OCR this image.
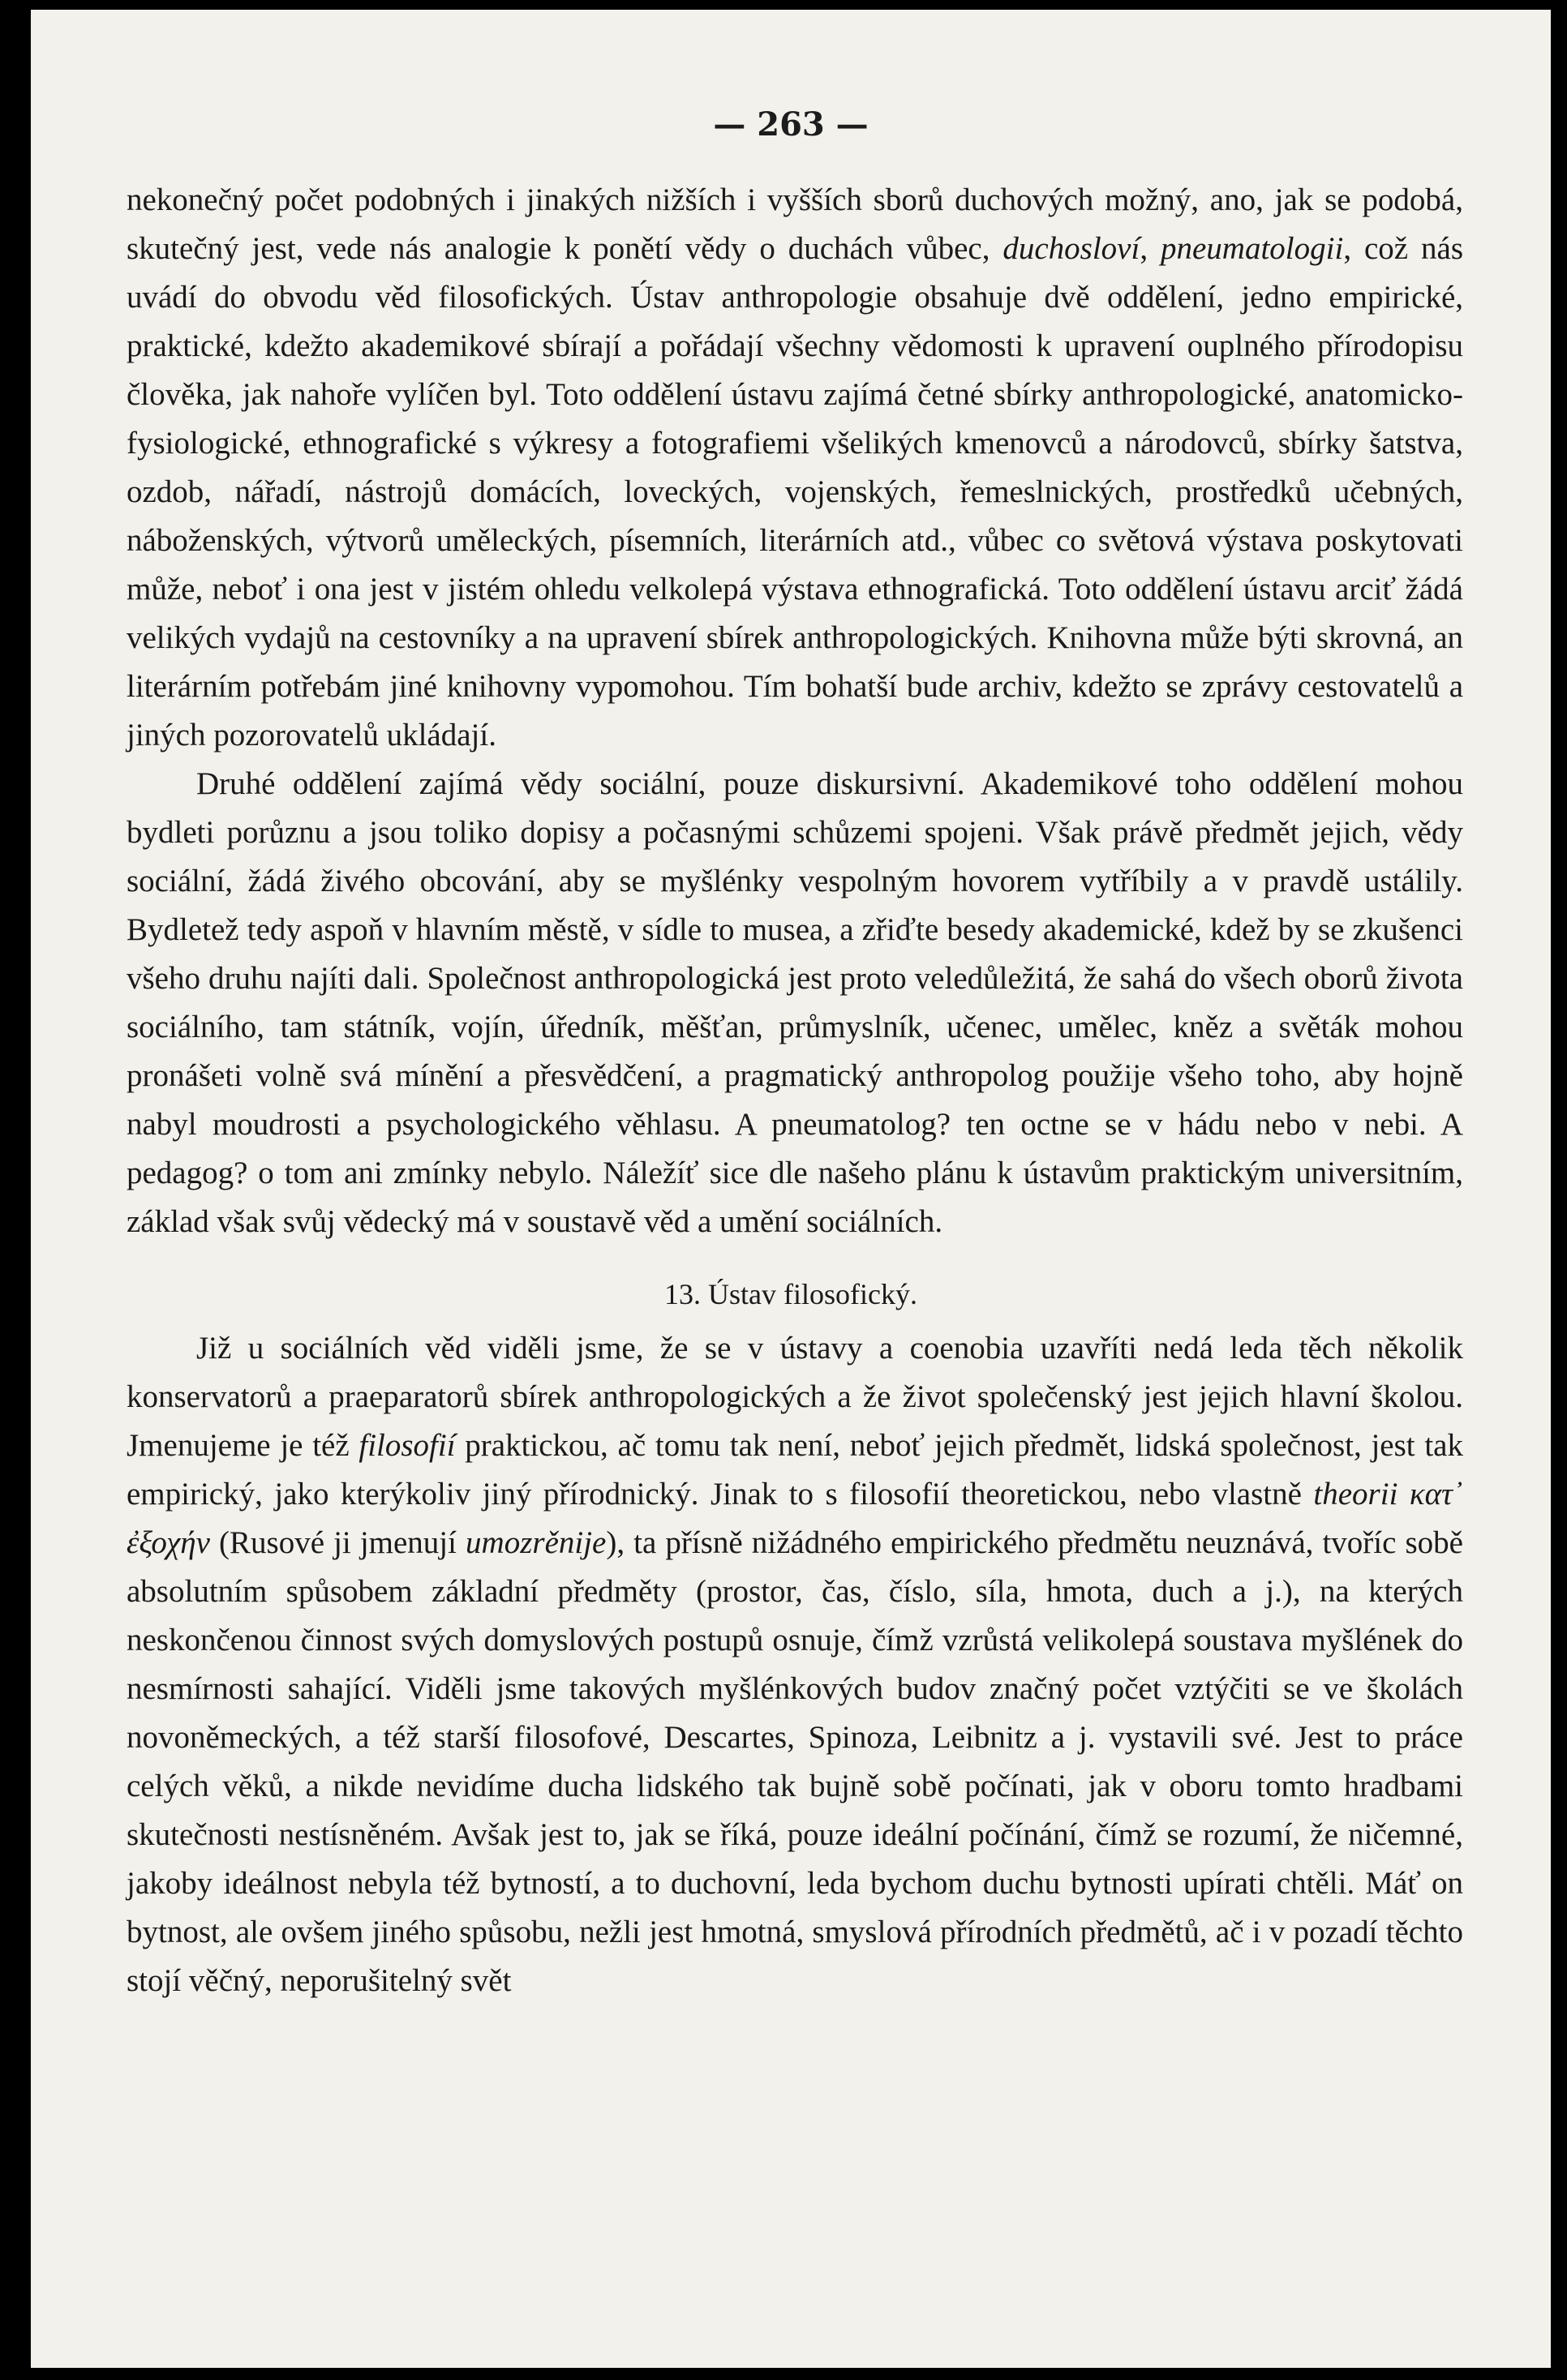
— 263 —

nekonečný počet podobných i jinakých nižších i vyšších sborů duchových možný, ano, jak se podobá, skutečný jest, vede nás analogie k ponětí vědy o duchách vůbec, duchosloví, pneumatologii, což nás uvádí do obvodu věd filosofických. Ústav anthropologie obsahuje dvě oddělení, jedno empirické, praktické, kdežto akademikové sbírají a pořádají všechny vědomosti k upravení ouplného přírodopisu člověka, jak nahoře vylíčen byl. Toto oddělení ústavu zajímá četné sbírky anthropologické, anatomicko-fysiologické, ethnografické s výkresy a fotografiemi všelikých kmenovců a národovců, sbírky šatstva, ozdob, nářadí, nástrojů domácích, loveckých, vojenských, řemeslnických, prostředků učebných, náboženských, výtvorů uměleckých, písemních, literárních atd., vůbec co světová výstava poskytovati může, neboť i ona jest v jistém ohledu velkolepá výstava ethnografická. Toto oddělení ústavu arciť žádá velikých vydajů na cestovníky a na upravení sbírek anthropologických. Knihovna může býti skrovná, an literárním potřebám jiné knihovny vypomohou. Tím bohatší bude archiv, kdežto se zprávy cestovatelů a jiných pozorovatelů ukládají.

Druhé oddělení zajímá vědy sociální, pouze diskursivní. Akademikové toho oddělení mohou bydleti porůznu a jsou toliko dopisy a počasnými schůzemi spojeni. Však právě předmět jejich, vědy sociální, žádá živého obcování, aby se myšlénky vespolným hovorem vytříbily a v pravdě ustálily. Bydletež tedy aspoň v hlavním městě, v sídle to musea, a zřiďte besedy akademické, kdež by se zkušenci všeho druhu najíti dali. Společnost anthropologická jest proto veledůležitá, že sahá do všech oborů života sociálního, tam státník, vojín, úředník, měšťan, průmyslník, učenec, umělec, kněz a světák mohou pronášeti volně svá mínění a přesvědčení, a pragmatický anthropolog použije všeho toho, aby hojně nabyl moudrosti a psychologického věhlasu. A pneumatolog? ten octne se v hádu nebo v nebi. A pedagog? o tom ani zmínky nebylo. Náležíť sice dle našeho plánu k ústavům praktickým universitním, základ však svůj vědecký má v soustavě věd a umění sociálních.

13. Ústav filosofický.

Již u sociálních věd viděli jsme, že se v ústavy a coenobia uzavříti nedá leda těch několik konservatorů a praeparatorů sbírek anthropologických a že život společenský jest jejich hlavní školou. Jmenujeme je též filosofií praktickou, ač tomu tak není, neboť jejich předmět, lidská společnost, jest tak empirický, jako kterýkoliv jiný přírodnický. Jinak to s filosofií theoretickou, nebo vlastně theorii κατ᾿ ἐξοχήν (Rusové ji jmenují umozrěnije), ta přísně nižádného empirického předmětu neuznává, tvoříc sobě absolutním spůsobem základní předměty (prostor, čas, číslo, síla, hmota, duch a j.), na kterých neskončenou činnost svých domyslových postupů osnuje, čímž vzrůstá velikolepá soustava myšlének do nesmírnosti sahající. Viděli jsme takových myšlénkových budov značný počet vztýčiti se ve školách novoněmeckých, a též starší filosofové, Descartes, Spinoza, Leibnitz a j. vystavili své. Jest to práce celých věků, a nikde nevidíme ducha lidského tak bujně sobě počínati, jak v oboru tomto hradbami skutečnosti nestísněném. Avšak jest to, jak se říká, pouze ideální počínání, čímž se rozumí, že ničemné, jakoby ideálnost nebyla též bytností, a to duchovní, leda bychom duchu bytnosti upírati chtěli. Máť on bytnost, ale ovšem jiného spůsobu, nežli jest hmotná, smyslová přírodních předmětů, ač i v pozadí těchto stojí věčný, neporušitelný svět
